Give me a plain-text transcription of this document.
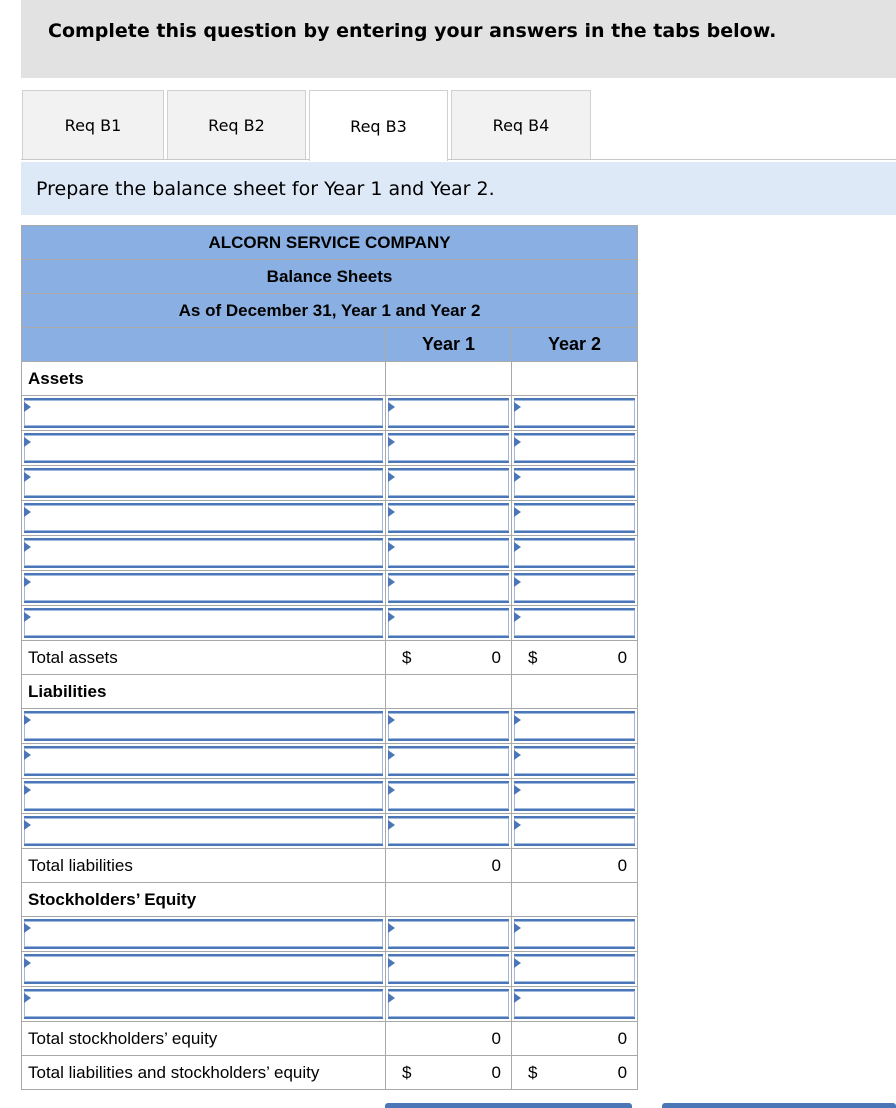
Complete this question by entering your answers in the tabs below.
Req B1	Req B2	Req B3	Req B4
Prepare the balance sheet for Year 1 and Year 2.
ALCORN SERVICE COMPANY		
Balance Sheets		
As of December 31, Year 1 and Year 2		
	Year 1	Year 2
Assets		

Total assets	$ 0	$ 0

Liabilities		

Total liabilities	0	0

Stockholders’ Equity		

Total stockholders’ equity	0	0

Total liabilities and stockholders’ equity	$ 0	$ 0
